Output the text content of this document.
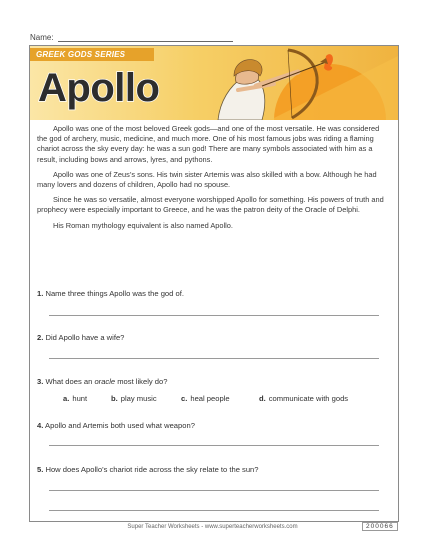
Name:
GREEK GODS SERIES
Apollo

Apollo was one of the most beloved Greek gods—and one of the most versatile. He was considered the god of archery, music, medicine, and much more. One of his most famous jobs was riding a flaming chariot across the sky every day: he was a sun god! There are many symbols associated with him as a result, including bows and arrows, lyres, and pythons.

Apollo was one of Zeus’s sons. His twin sister Artemis was also skilled with a bow. Although he had many lovers and dozens of children, Apollo had no spouse.

Since he was so versatile, almost everyone worshipped Apollo for something. His powers of truth and prophecy were especially important to Greece, and he was the patron deity of the Oracle of Delphi.

His Roman mythology equivalent is also named Apollo.

1. Name three things Apollo was the god of.
2. Did Apollo have a wife?
3. What does an oracle most likely do?
a. hunt	b. play music	c. heal people	d. communicate with gods
4. Apollo and Artemis both used what weapon?
5. How does Apollo’s chariot ride across the sky relate to the sun?
Super Teacher Worksheets - www.superteacherworksheets.com	200066
